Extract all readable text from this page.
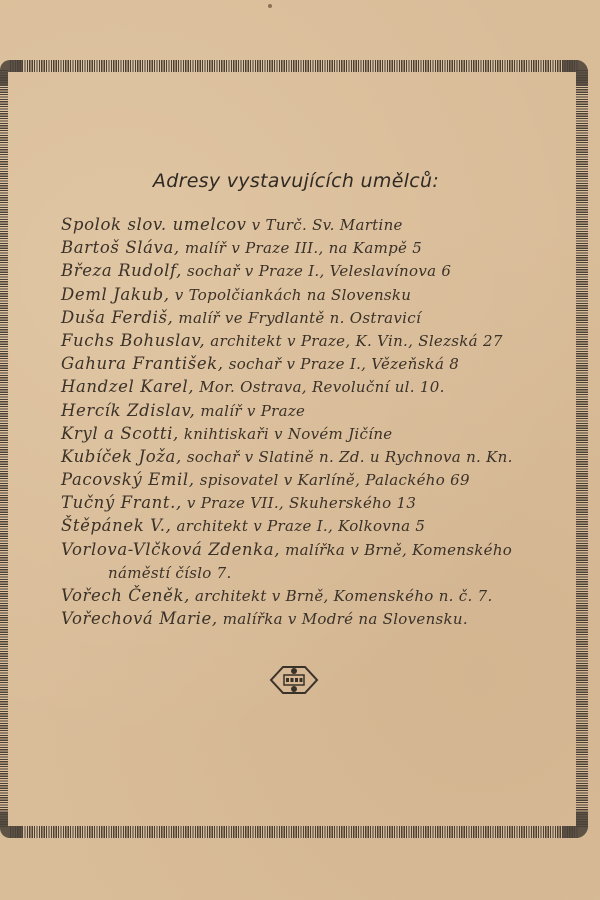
Adresy vystavujících umělců:
Spolok slov. umelcov v Turč. Sv. Martine
Bartoš Sláva, malíř v Praze III., na Kampě 5
Březa Rudolf, sochař v Praze I., Veleslavínova 6
Deml Jakub, v Topolčiankách na Slovensku
Duša Ferdiš, malíř ve Frydlantě n. Ostravicí
Fuchs Bohuslav, architekt v Praze, K. Vin., Slezská 27
Gahura František, sochař v Praze I., Vězeňská 8
Handzel Karel, Mor. Ostrava, Revoluční ul. 10.
Hercík Zdislav, malíř v Praze
Kryl a Scotti, knihtiskaři v Novém Jičíne
Kubíček Joža, sochař v Slatině n. Zd. u Rychnova n. Kn.
Pacovský Emil, spisovatel v Karlíně, Palackého 69
Tučný Frant., v Praze VII., Skuherského 13
Štěpánek V., architekt v Praze I., Kolkovna 5
Vorlova-Vlčková Zdenka, malířka v Brně, Komenského
náměstí číslo 7.
Vořech Čeněk, architekt v Brně, Komenského n. č. 7.
Vořechová Marie, malířka v Modré na Slovensku.
